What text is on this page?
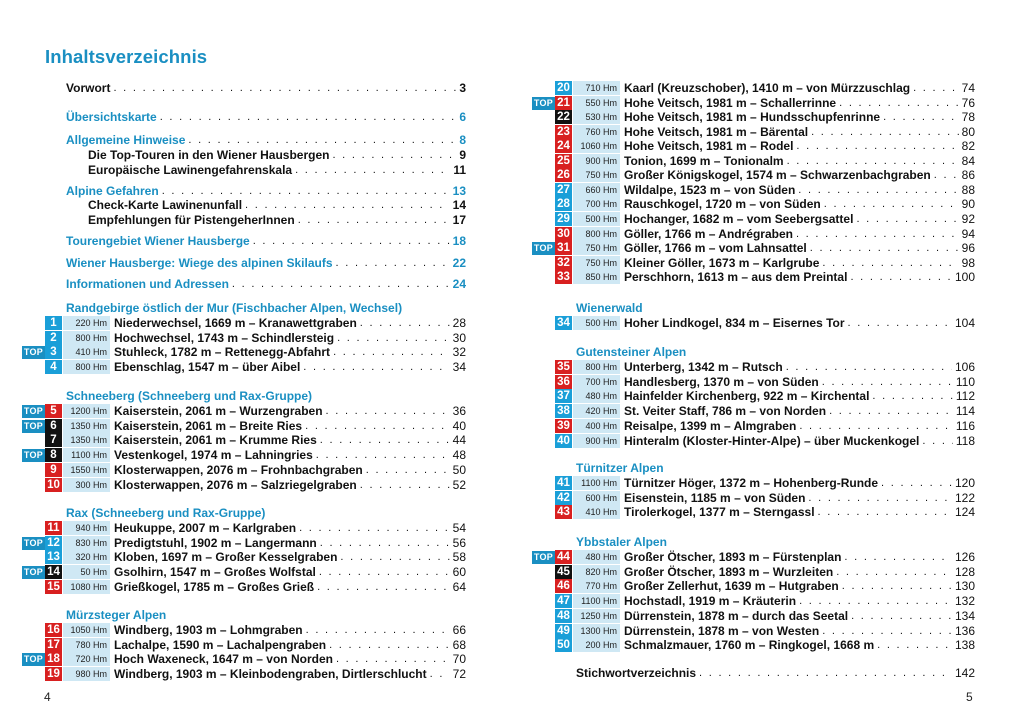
Inhaltsverzeichnis
Vorwort . . .	3
Übersichtskarte . . .	6
Allgemeine Hinweise . . .	8
Die Top-Touren in den Wiener Hausbergen . . .	9
Europäische Lawinengefahrenskala . . .	11
Alpine Gefahren . . .	13
Check-Karte Lawinenunfall . . .	14
Empfehlungen für PistengeherInnen . . .	17
Tourengebiet Wiener Hausberge . . .	18
Wiener Hausberge: Wiege des alpinen Skilaufs . . .	22
Informationen und Adressen . . .	24
Randgebirge östlich der Mur (Fischbacher Alpen, Wechsel)
1	220 Hm Niederwechsel, 1669 m – Kranawettgraben . . .	28
2	800 Hm Hochwechsel, 1743 m – Schindlersteig . . .	30
TOP 3	410 Hm Stuhleck, 1782 m – Rettenegg-Abfahrt . . .	32
4	800 Hm Ebenschlag, 1547 m – über Aibel . . .	34
Schneeberg (Schneeberg und Rax-Gruppe)
TOP 5	1200 Hm Kaiserstein, 2061 m – Wurzengraben . . .	36
TOP 6	1350 Hm Kaiserstein, 2061 m – Breite Ries . . .	40
7	1350 Hm Kaiserstein, 2061 m – Krumme Ries . . .	44
TOP 8	1100 Hm Vestenkogel, 1974 m – Lahningries . . .	48
9	1550 Hm Klosterwappen, 2076 m – Frohnbachgraben . . .	50
10	300 Hm Klosterwappen, 2076 m – Salzriegelgraben . . .	52
Rax (Schneeberg und Rax-Gruppe)
11	940 Hm Heukuppe, 2007 m – Karlgraben . . .	54
TOP 12	830 Hm Predigtstuhl, 1902 m – Langermann . . .	56
13	320 Hm Kloben, 1697 m – Großer Kesselgraben . . .	58
TOP 14	50 Hm Gsolhirn, 1547 m – Großes Wolfstal . . .	60
15	1080 Hm Grießkogel, 1785 m – Großes Grieß . . .	64
Mürzsteger Alpen
16	1050 Hm Windberg, 1903 m – Lohmgraben . . .	66
17	780 Hm Lachalpe, 1590 m – Lachalpengraben . . .	68
TOP 18	720 Hm Hoch Waxeneck, 1647 m – von Norden . . .	70
19	980 Hm Windberg, 1903 m – Kleinbodengraben, Dirtlerschlucht . . . 72
4
20	710 Hm Kaarl (Kreuzschober), 1410 m – von Mürzzuschlag . . .	74
TOP 21	550 Hm Hohe Veitsch, 1981 m – Schallerrinne . . .	76
22	530 Hm Hohe Veitsch, 1981 m – Hundsschupfenrinne . . .	78
23	760 Hm Hohe Veitsch, 1981 m – Bärental . . .	80
24	1060 Hm Hohe Veitsch, 1981 m – Rodel . . .	82
25	900 Hm Tonion, 1699 m – Tonionalm . . .	84
26	750 Hm Großer Königskogel, 1574 m – Schwarzenbachgraben . . .	86
27	660 Hm Wildalpe, 1523 m – von Süden . . .	88
28	700 Hm Rauschkogel, 1720 m – von Süden . . .	90
29	500 Hm Hochanger, 1682 m – vom Seebergsattel . . .	92
30	800 Hm Göller, 1766 m – Andrégraben . . .	94
TOP 31	750 Hm Göller, 1766 m – vom Lahnsattel . . .	96
32	750 Hm Kleiner Göller, 1673 m – Karlgrube . . .	98
33	850 Hm Perschhorn, 1613 m – aus dem Preintal . . .	100
Wienerwald
34	500 Hm Hoher Lindkogel, 834 m – Eisernes Tor . . .	104
Gutensteiner Alpen
35	800 Hm Unterberg, 1342 m – Rutsch . . .	106
36	700 Hm Handlesberg, 1370 m – von Süden . . .	110
37	480 Hm Hainfelder Kirchenberg, 922 m – Kirchental . . .	112
38	420 Hm St. Veiter Staff, 786 m – von Norden . . .	114
39	400 Hm Reisalpe, 1399 m – Almgraben . . .	116
40	900 Hm Hinteralm (Kloster-Hinter-Alpe) – über Muckenkogel . . .	118
Türnitzer Alpen
41	1100 Hm Türnitzer Höger, 1372 m – Hohenberg-Runde . . .	120
42	600 Hm Eisenstein, 1185 m – von Süden . . .	122
43	410 Hm Tirolerkogel, 1377 m – Sterngassl . . .	124
Ybbstaler Alpen
TOP 44	480 Hm Großer Ötscher, 1893 m – Fürstenplan . . .	126
45	820 Hm Großer Ötscher, 1893 m – Wurzleiten . . .	128
46	770 Hm Großer Zellerhut, 1639 m – Hutgraben . . .	130
47	1100 Hm Hochstadl, 1919 m – Kräuterin . . .	132
48	1250 Hm Dürrenstein, 1878 m – durch das Seetal . . .	134
49	1300 Hm Dürrenstein, 1878 m – von Westen . . .	136
50	200 Hm Schmalzmauer, 1760 m – Ringkogel, 1668 m . . .	138
Stichwortverzeichnis . . .	142
5
